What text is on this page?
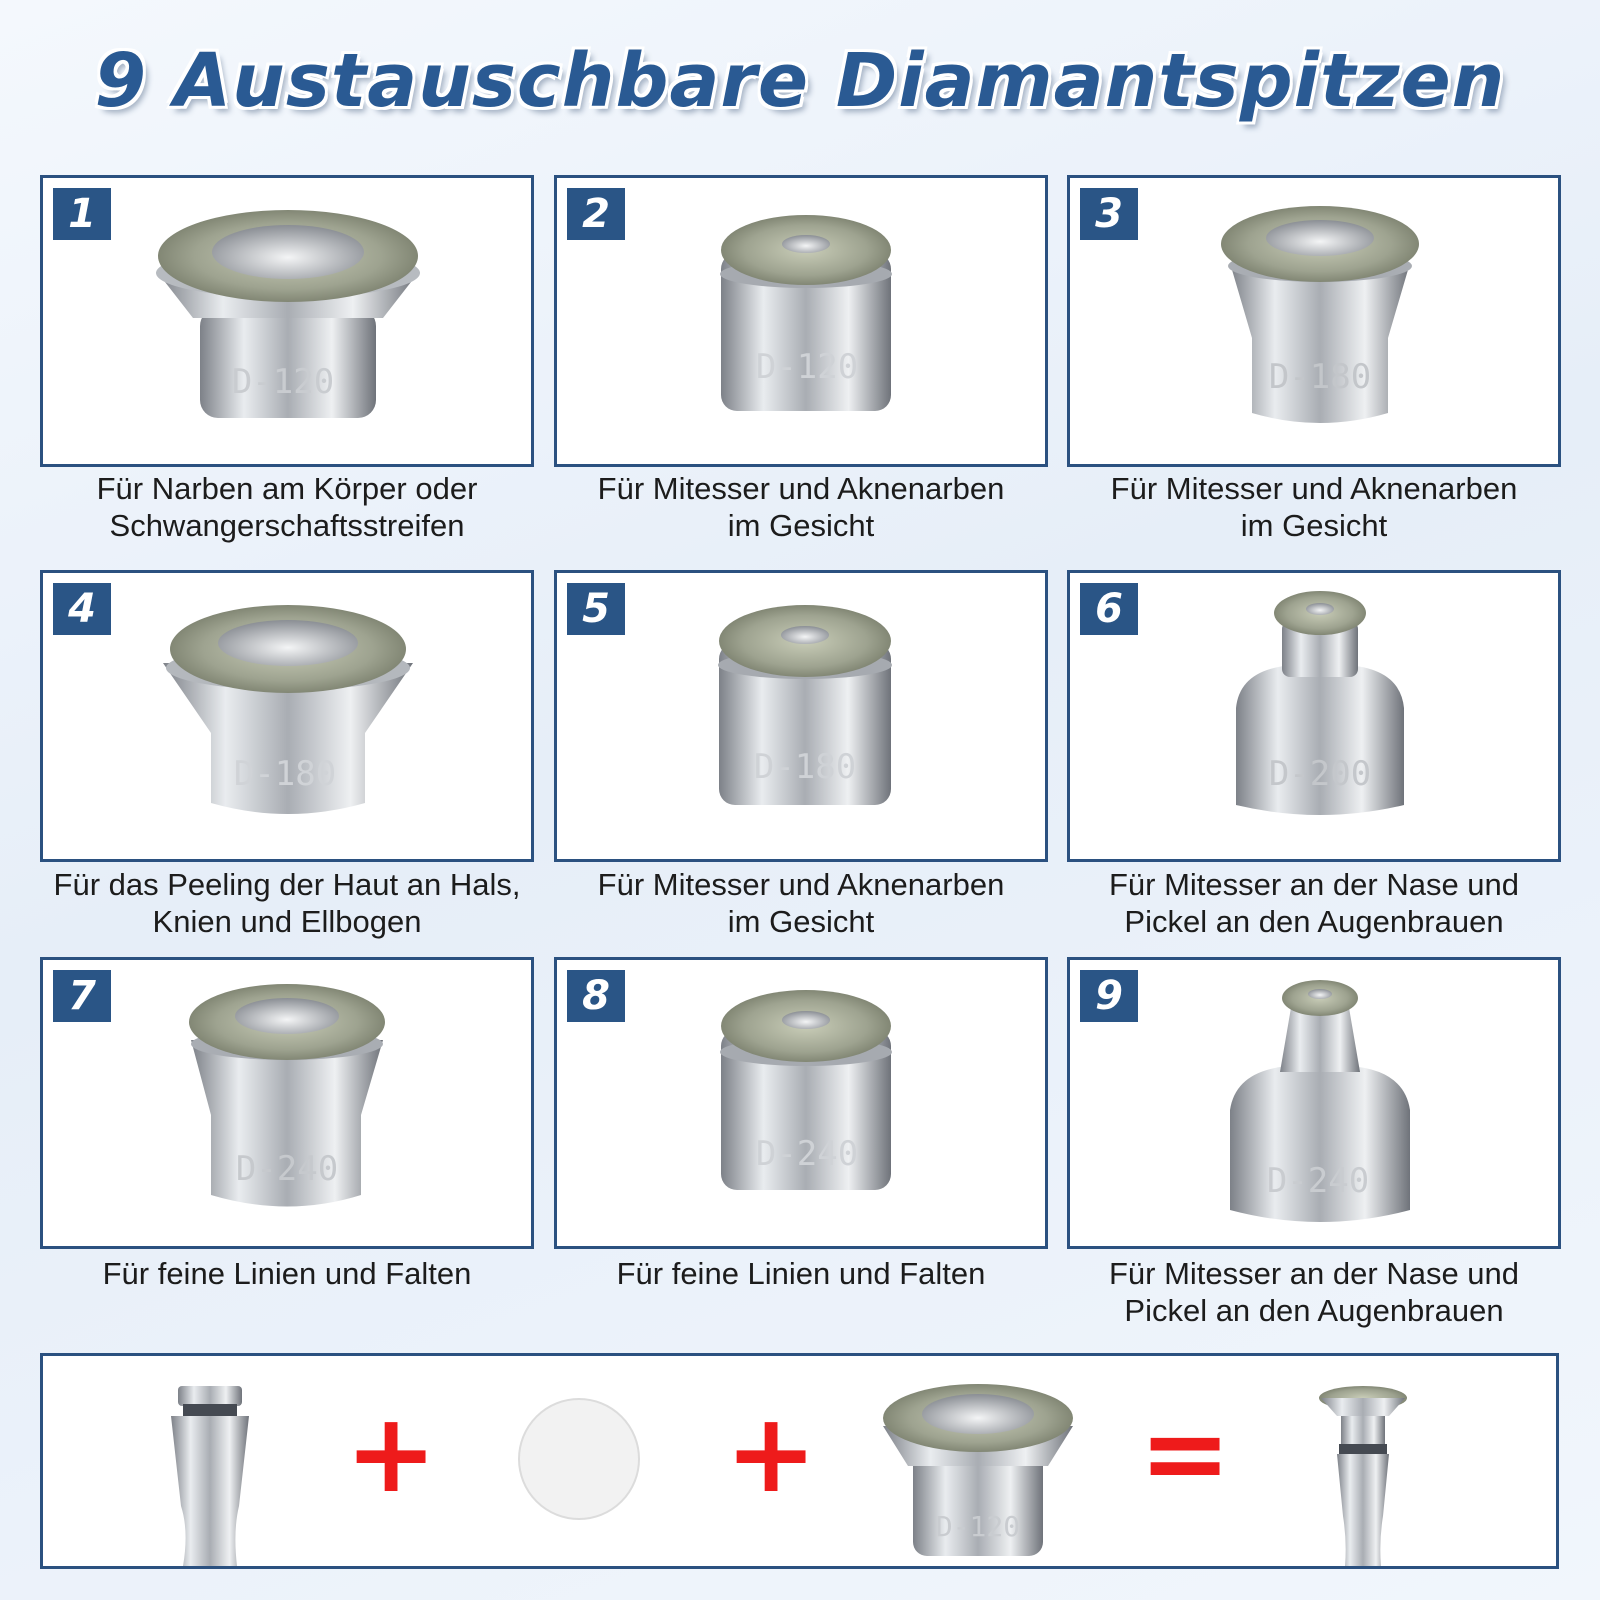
9 Austauschbare Diamantspitzen
1
D-120
Für Narben am Körper oder
Schwangerschaftsstreifen
2
D-120
Für Mitesser und Aknenarben
im Gesicht
3
D-180
Für Mitesser und Aknenarben
im Gesicht
4
D-180
Für das Peeling der Haut an Hals,
Knien und Ellbogen
5
D-180
Für Mitesser und Aknenarben
im Gesicht
6
D-200
Für Mitesser an der Nase und
Pickel an den Augenbrauen
7
D-240
Für feine Linien und Falten
8
D-240
Für feine Linien und Falten
9
D-240
Für Mitesser an der Nase und
Pickel an den Augenbrauen
D-120
+	+	=
